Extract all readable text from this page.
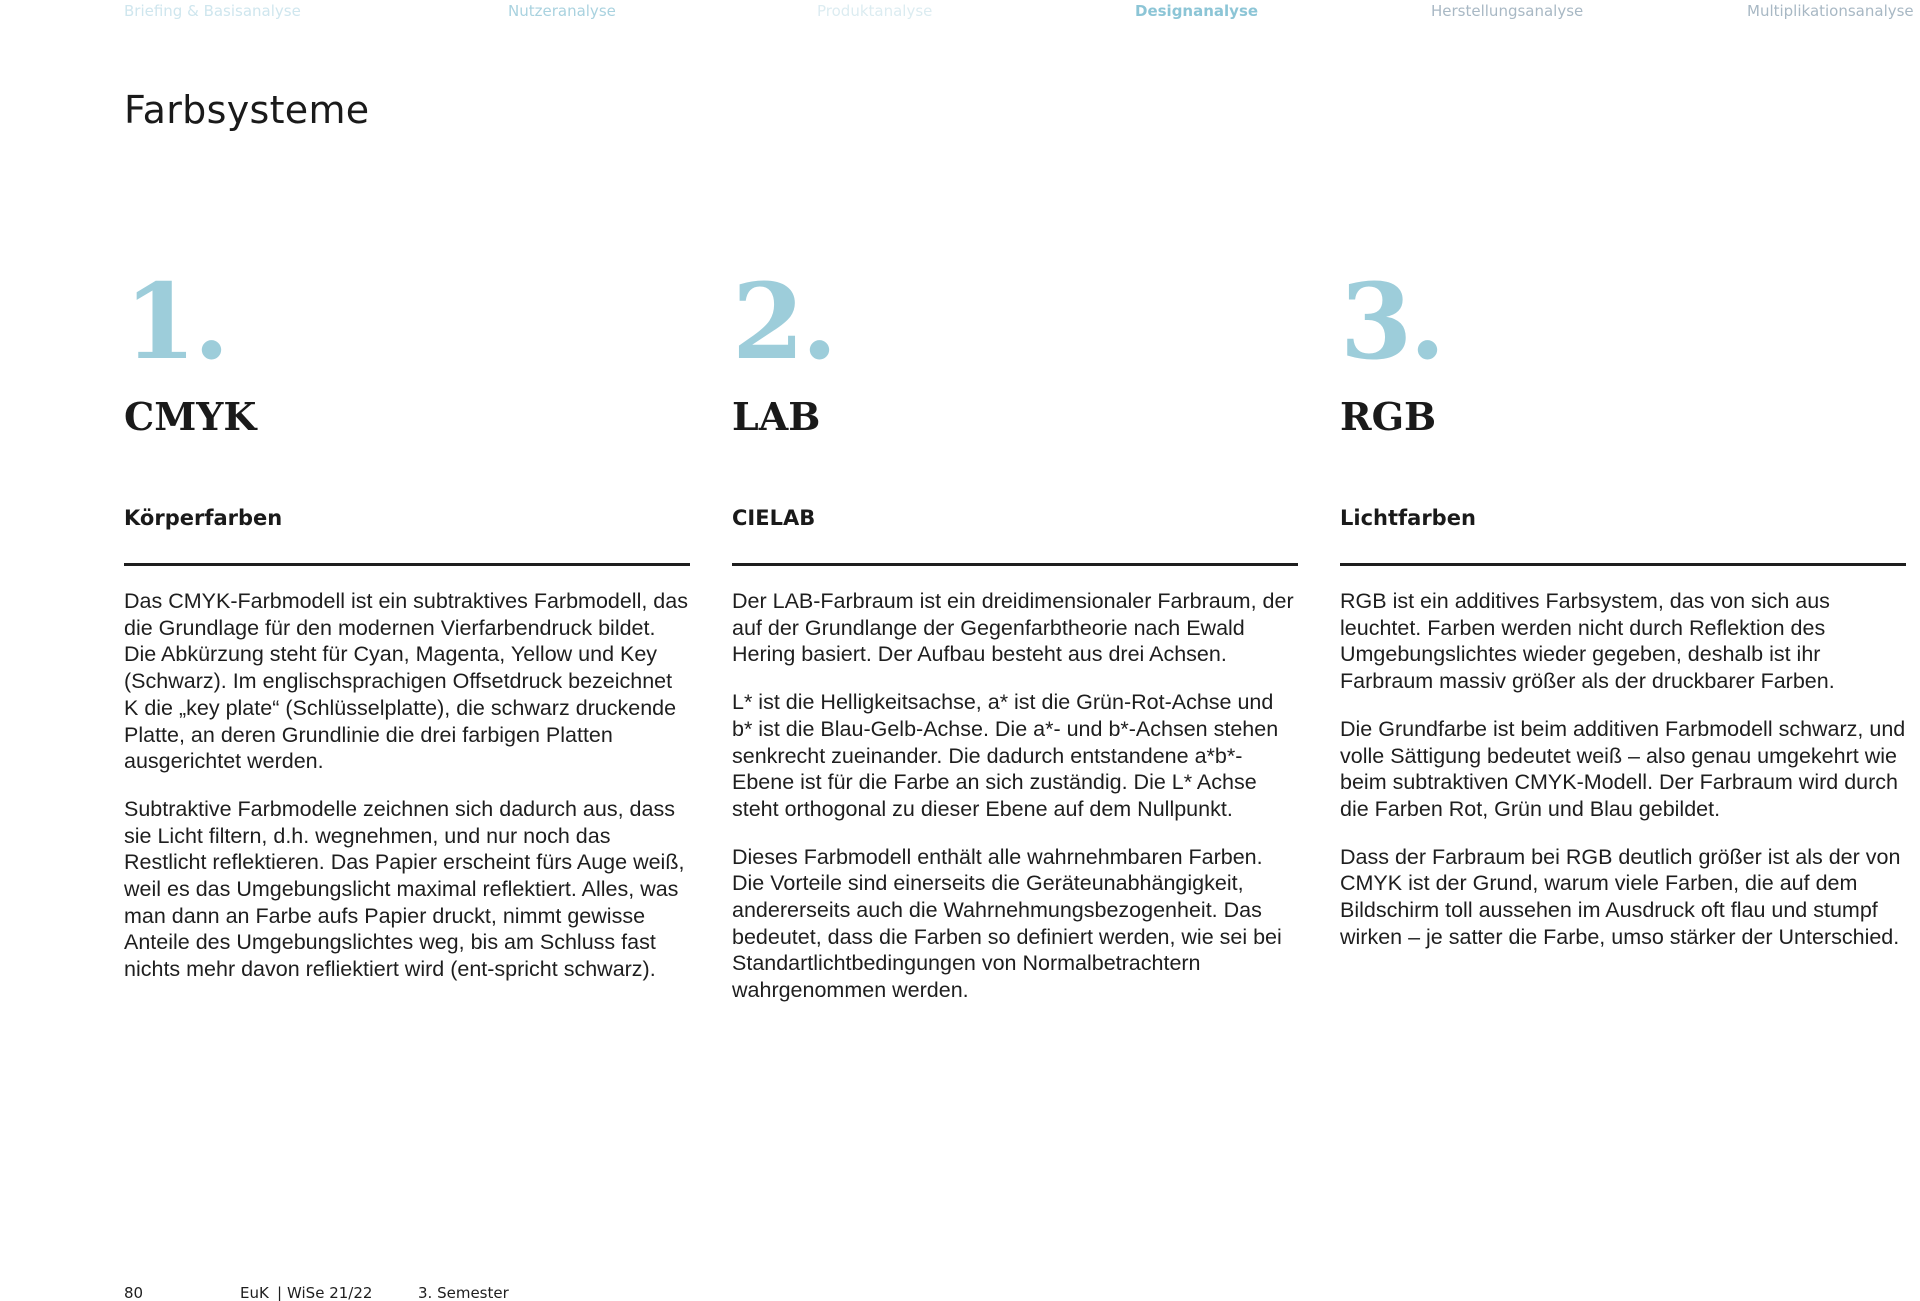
Briefing & Basisanalyse	Nutzeranalyse	Produktanalyse	Designanalyse	Herstellungsanalyse	Multiplikationsanalyse
Farbsysteme
1.
CMYK
Körperfarben

Das CMYK-Farbmodell ist ein subtraktives Farbmodell, das die Grundlage für den modernen Vierfarbendruck bildet. Die Abkürzung steht für Cyan, Magenta, Yellow und Key (Schwarz). Im englischsprachigen Offsetdruck bezeichnet K die „key plate“ (Schlüsselplatte), die schwarz druckende Platte, an deren Grundlinie die drei farbigen Platten ausgerichtet werden.

Subtraktive Farbmodelle zeichnen sich dadurch aus, dass sie Licht filtern, d.h. wegnehmen, und nur noch das Restlicht reflektieren. Das Papier erscheint fürs Auge weiß, weil es das Umgebungslicht maximal reflektiert. Alles, was man dann an Farbe aufs Papier druckt, nimmt gewisse Anteile des Umgebungslichtes weg, bis am Schluss fast nichts mehr davon refliektiert wird (ent-spricht schwarz).

2.
LAB
CIELAB

Der LAB-Farbraum ist ein dreidimensionaler Farbraum, der auf der Grundlange der Gegenfarbtheorie nach Ewald Hering basiert. Der Aufbau besteht aus drei Achsen.

L* ist die Helligkeitsachse, a* ist die Grün-Rot-Achse und b* ist die Blau-Gelb-Achse. Die a*- und b*-Achsen stehen senkrecht zueinander. Die dadurch entstandene a*b*- Ebene ist für die Farbe an sich zuständig. Die L* Achse steht orthogonal zu dieser Ebene auf dem Nullpunkt.

Dieses Farbmodell enthält alle wahrnehmbaren Farben. Die Vorteile sind einerseits die Geräteunabhängigkeit, andererseits auch die Wahrnehmungsbezogenheit. Das bedeutet, dass die Farben so definiert werden, wie sei bei Standartlichtbedingungen von Normalbetrachtern wahrgenommen werden.

3.
RGB
Lichtfarben

RGB ist ein additives Farbsystem, das von sich aus leuchtet. Farben werden nicht durch Reflektion des Umgebungslichtes wieder gegeben, deshalb ist ihr Farbraum massiv größer als der druckbarer Farben.

Die Grundfarbe ist beim additiven Farbmodell schwarz, und volle Sättigung bedeutet weiß – also genau umgekehrt wie beim subtraktiven CMYK-Modell. Der Farbraum wird durch die Farben Rot, Grün und Blau gebildet.

Dass der Farbraum bei RGB deutlich größer ist als der von CMYK ist der Grund, warum viele Farben, die auf dem Bildschirm toll aussehen im Ausdruck oft flau und stumpf wirken – je satter die Farbe, umso stärker der Unterschied.

80	EuK | WiSe 21/22	3. Semester
